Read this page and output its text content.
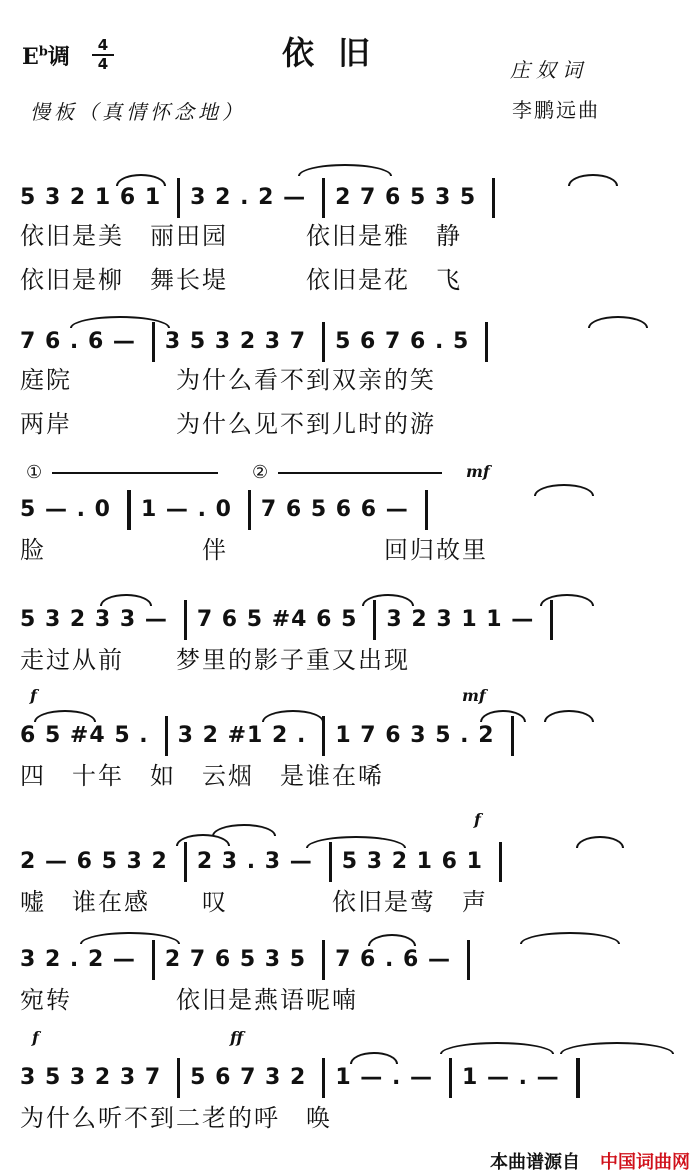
$E^b$调	4
4	依旧	庄奴词
慢板（真情怀念地）	李鹏远曲
5 3 2 1 6 1 3 2 . 2 — 2 7 6 5 3 5
依旧是美　丽田园　　　依旧是雅　静
依旧是柳　舞长堤　　　依旧是花　飞
7 6 . 6 — 3 5 3 2 3 7 5 6 7 6 . 5
庭院　　　　为什么看不到双亲的笑
两岸　　　　为什么见不到儿时的游
①	②	mf
5 — . 0 1 — . 0 7 6 5 6 6 —
脸　　　　　　伴　　　　　　回归故里
5 3 2 3 3 — 7 6 5 #4 6 5 3 2 3 1 1 —
走过从前　　梦里的影子重又出现
f	mf
6 5 #4 5 . 3 2 #1 2 . 1 7 6 3 5 . 2
四　十年　如　云烟　是谁在唏
f
2 — 6 5 3 2 2 3 . 3 — 5 3 2 1 6 1
嘘　谁在感　　叹　　　　依旧是莺　声
3 2 . 2 — 2 7 6 5 3 5 7 6 . 6 —
宛转　　　　依旧是燕语呢喃
f	ff
3 5 3 2 3 7 5 6 7 3 2 1 — . — 1 — . —
为什么听不到二老的呼　唤
本曲谱源自 中国词曲网
